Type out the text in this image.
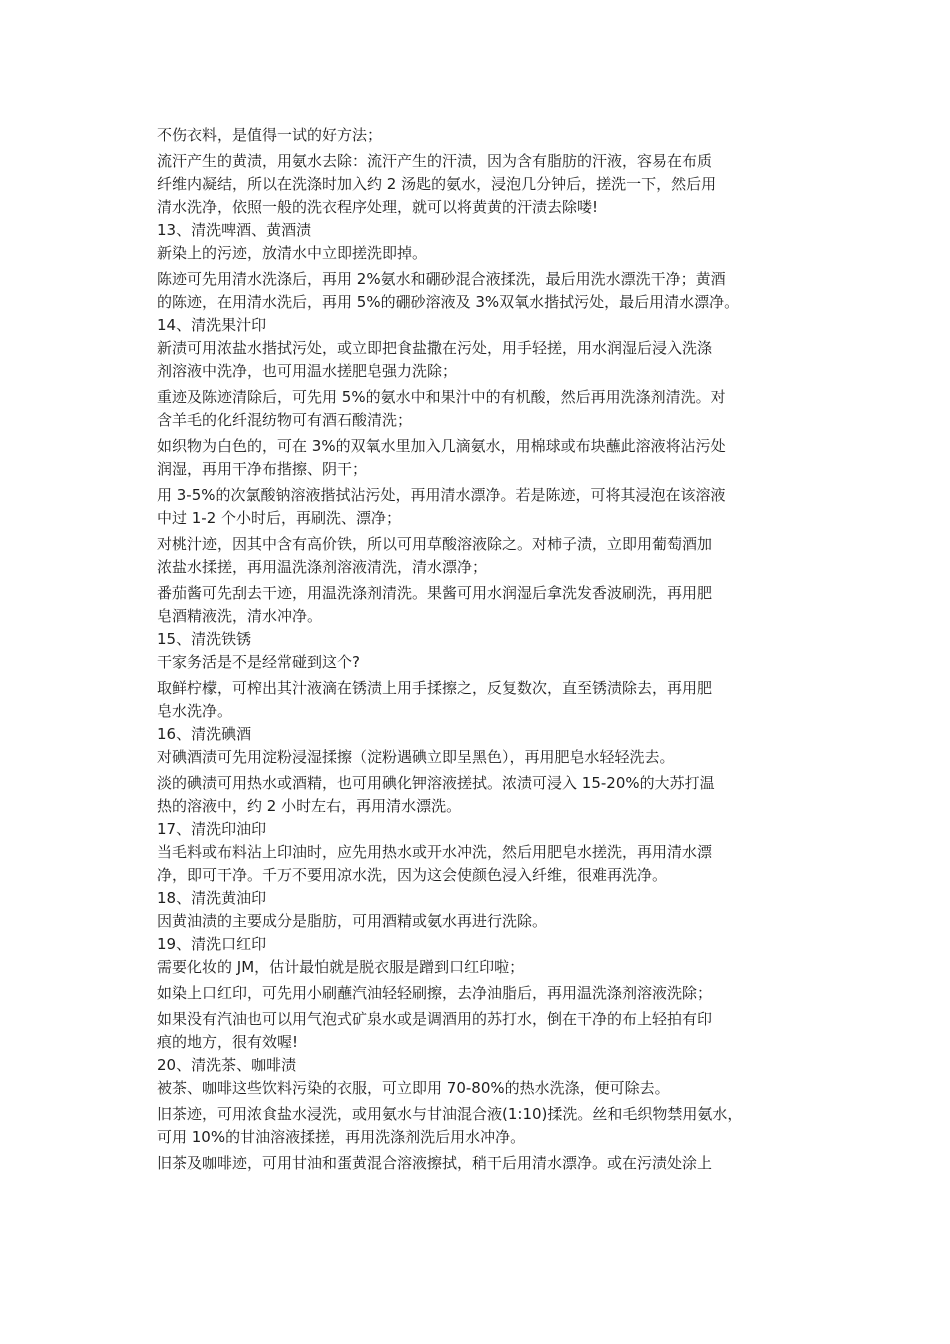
不伤衣料，是值得一试的好方法；
流汗产生的黄渍，用氨水去除：流汗产生的汗渍，因为含有脂肪的汗液，容易在布质
纤维内凝结，所以在洗涤时加入约 2 汤匙的氨水，浸泡几分钟后，搓洗一下，然后用
清水洗净，依照一般的洗衣程序处理，就可以将黄黄的汗渍去除喽!
13、清洗啤酒、黄酒渍
新染上的污迹，放清水中立即搓洗即掉。
陈迹可先用清水洗涤后，再用 2%氨水和硼砂混合液揉洗，最后用洗水漂洗干净；黄酒
的陈迹，在用清水洗后，再用 5%的硼砂溶液及 3%双氧水揩拭污处，最后用清水漂净。
14、清洗果汁印
新渍可用浓盐水揩拭污处，或立即把食盐撒在污处，用手轻搓，用水润湿后浸入洗涤
剂溶液中洗净，也可用温水搓肥皂强力洗除；
重迹及陈迹清除后，可先用 5%的氨水中和果汁中的有机酸，然后再用洗涤剂清洗。对
含羊毛的化纤混纺物可有酒石酸清洗；
如织物为白色的，可在 3%的双氧水里加入几滴氨水，用棉球或布块蘸此溶液将沾污处
润湿，再用干净布揩擦、阴干；
用 3-5%的次氯酸钠溶液揩拭沾污处，再用清水漂净。若是陈迹，可将其浸泡在该溶液
中过 1-2 个小时后，再刷洗、漂净；
对桃汁迹，因其中含有高价铁，所以可用草酸溶液除之。对柿子渍，立即用葡萄酒加
浓盐水揉搓，再用温洗涤剂溶液清洗，清水漂净；
番茄酱可先刮去干迹，用温洗涤剂清洗。果酱可用水润湿后拿洗发香波刷洗，再用肥
皂酒精液洗，清水冲净。
15、清洗铁锈
干家务活是不是经常碰到这个?
取鲜柠檬，可榨出其汁液滴在锈渍上用手揉擦之，反复数次，直至锈渍除去，再用肥
皂水洗净。
16、清洗碘酒
对碘酒渍可先用淀粉浸湿揉擦（淀粉遇碘立即呈黑色），再用肥皂水轻轻洗去。
淡的碘渍可用热水或酒精，也可用碘化钾溶液搓拭。浓渍可浸入 15-20%的大苏打温
热的溶液中，约 2 小时左右，再用清水漂洗。
17、清洗印油印
当毛料或布料沾上印油时，应先用热水或开水冲洗，然后用肥皂水搓洗，再用清水漂
净，即可干净。千万不要用凉水洗，因为这会使颜色浸入纤维，很难再洗净。
18、清洗黄油印
因黄油渍的主要成分是脂肪，可用酒精或氨水再进行洗除。
19、清洗口红印
需要化妆的 JM，估计最怕就是脱衣服是蹭到口红印啦；
如染上口红印，可先用小刷蘸汽油轻轻刷擦，去净油脂后，再用温洗涤剂溶液洗除；
如果没有汽油也可以用气泡式矿泉水或是调酒用的苏打水，倒在干净的布上轻拍有印
痕的地方，很有效喔!
20、清洗茶、咖啡渍
被茶、咖啡这些饮料污染的衣服，可立即用 70-80%的热水洗涤，便可除去。
旧茶迹，可用浓食盐水浸洗，或用氨水与甘油混合液(1:10)揉洗。丝和毛织物禁用氨水，
可用 10%的甘油溶液揉搓，再用洗涤剂洗后用水冲净。
旧茶及咖啡迹，可用甘油和蛋黄混合溶液擦拭，稍干后用清水漂净。或在污渍处涂上
